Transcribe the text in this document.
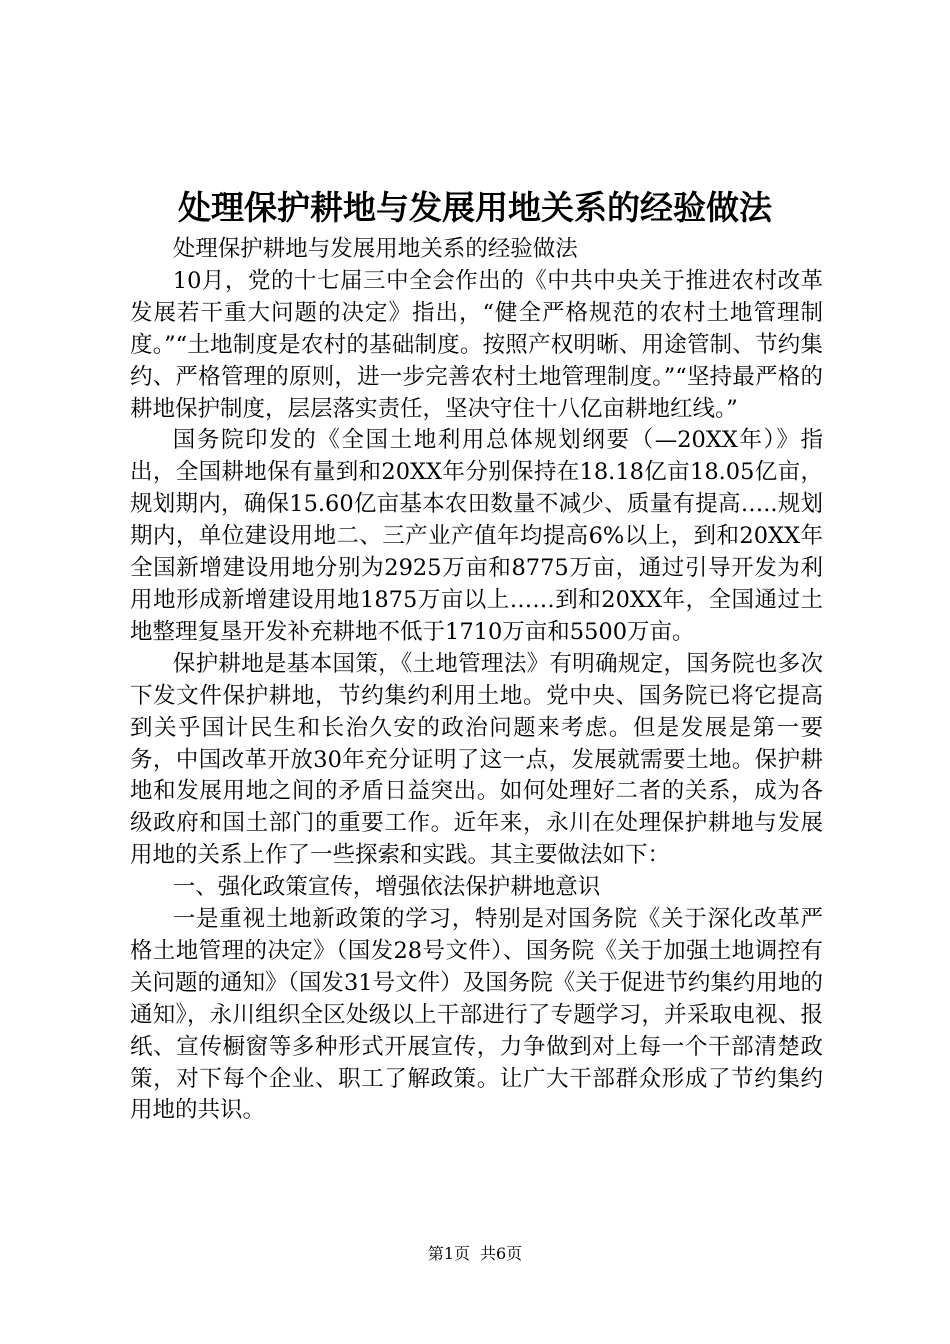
处理保护耕地与发展用地关系的经验做法

处理保护耕地与发展用地关系的经验做法

10月，党的十七届三中全会作出的《中共中央关于推进农村改革发展若干重大问题的决定》指出，“健全严格规范的农村土地管理制度。”“土地制度是农村的基础制度。按照产权明晰、用途管制、节约集约、严格管理的原则，进一步完善农村土地管理制度。”“坚持最严格的耕地保护制度，层层落实责任，坚决守住十八亿亩耕地红线。”

国务院印发的《全国土地利用总体规划纲要（—20XX年）》指出，全国耕地保有量到和20XX年分别保持在18.18亿亩18.05亿亩，规划期内，确保15.60亿亩基本农田数量不减少、质量有提高…..规划期内，单位建设用地二、三产业产值年均提高6%以上，到和20XX年全国新增建设用地分别为2925万亩和8775万亩，通过引导开发为利用地形成新增建设用地1875万亩以上……到和20XX年，全国通过土地整理复垦开发补充耕地不低于1710万亩和5500万亩。

保护耕地是基本国策，《土地管理法》有明确规定，国务院也多次下发文件保护耕地，节约集约利用土地。党中央、国务院已将它提高到关乎国计民生和长治久安的政治问题来考虑。但是发展是第一要务，中国改革开放30年充分证明了这一点，发展就需要土地。保护耕地和发展用地之间的矛盾日益突出。如何处理好二者的关系，成为各级政府和国土部门的重要工作。近年来，永川在处理保护耕地与发展用地的关系上作了一些探索和实践。其主要做法如下：

一、强化政策宣传，增强依法保护耕地意识

一是重视土地新政策的学习，特别是对国务院《关于深化改革严格土地管理的决定》（国发28号文件）、国务院《关于加强土地调控有关问题的通知》（国发31号文件）及国务院《关于促进节约集约用地的通知》，永川组织全区处级以上干部进行了专题学习，并采取电视、报纸、宣传橱窗等多种形式开展宣传，力争做到对上每一个干部清楚政策，对下每个企业、职工了解政策。让广大干部群众形成了节约集约用地的共识。

第1页 共6页
